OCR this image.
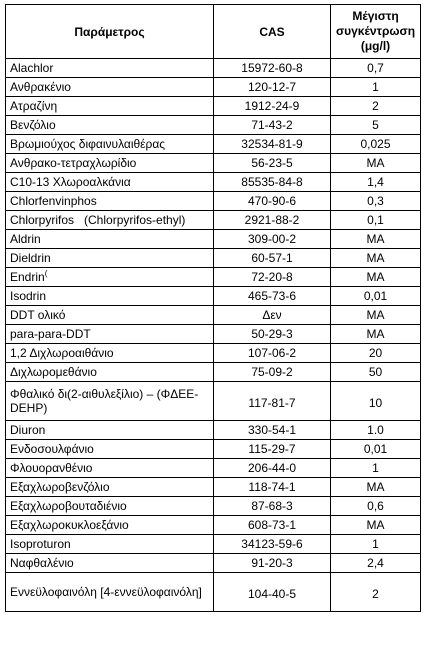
Παράμετρος	CAS	Μέγιστη
συγκέντρωση
(μg/l)

Alachlor	15972-60-8	0,7
Ανθρακένιο	120-12-7	1
Ατραζίνη	1912-24-9	2
Βενζόλιο	71-43-2	5
Βρωμιούχος διφαινυλαιθέρας	32534-81-9	0,025
Ανθρακο-τετραχλωρίδιο	56-23-5	ΜΑ
C10-13 Χλωροαλκάνια	85535-84-8	1,4
Chlorfenvinphos	470-90-6	0,3
Chlorpyrifos   (Chlorpyrifos-ethyl)	2921-88-2	0,1
Aldrin	309-00-2	ΜΑ
Dieldrin	60-57-1	ΜΑ
Endrin(	72-20-8	ΜΑ
Isodrin	465-73-6	0,01
DDT ολικό	Δεν	ΜΑ
para-para-DDT	50-29-3	ΜΑ
1,2 Διχλωροαιθάνιο	107-06-2	20
Διχλωρομεθάνιο	75-09-2	50
Φθαλικό δι(2-αιθυλεξίλιο) – (ΦΔΕΕ-DEHP)	117-81-7	10
Diuron	330-54-1	1.0
Ενδοσουλφάνιο	115-29-7	0,01
Φλουορανθένιο	206-44-0	1
Εξαχλωροβενζόλιο	118-74-1	ΜΑ
Εξαχλωροβουταδιένιο	87-68-3	0,6
Εξαχλωροκυκλοεξάνιο	608-73-1	ΜΑ
Isoproturon	34123-59-6	1
Ναφθαλένιο	91-20-3	2,4
Εννεϋλοφαινόλη [4-εννεϋλοφαινόλη]	104-40-5	2
